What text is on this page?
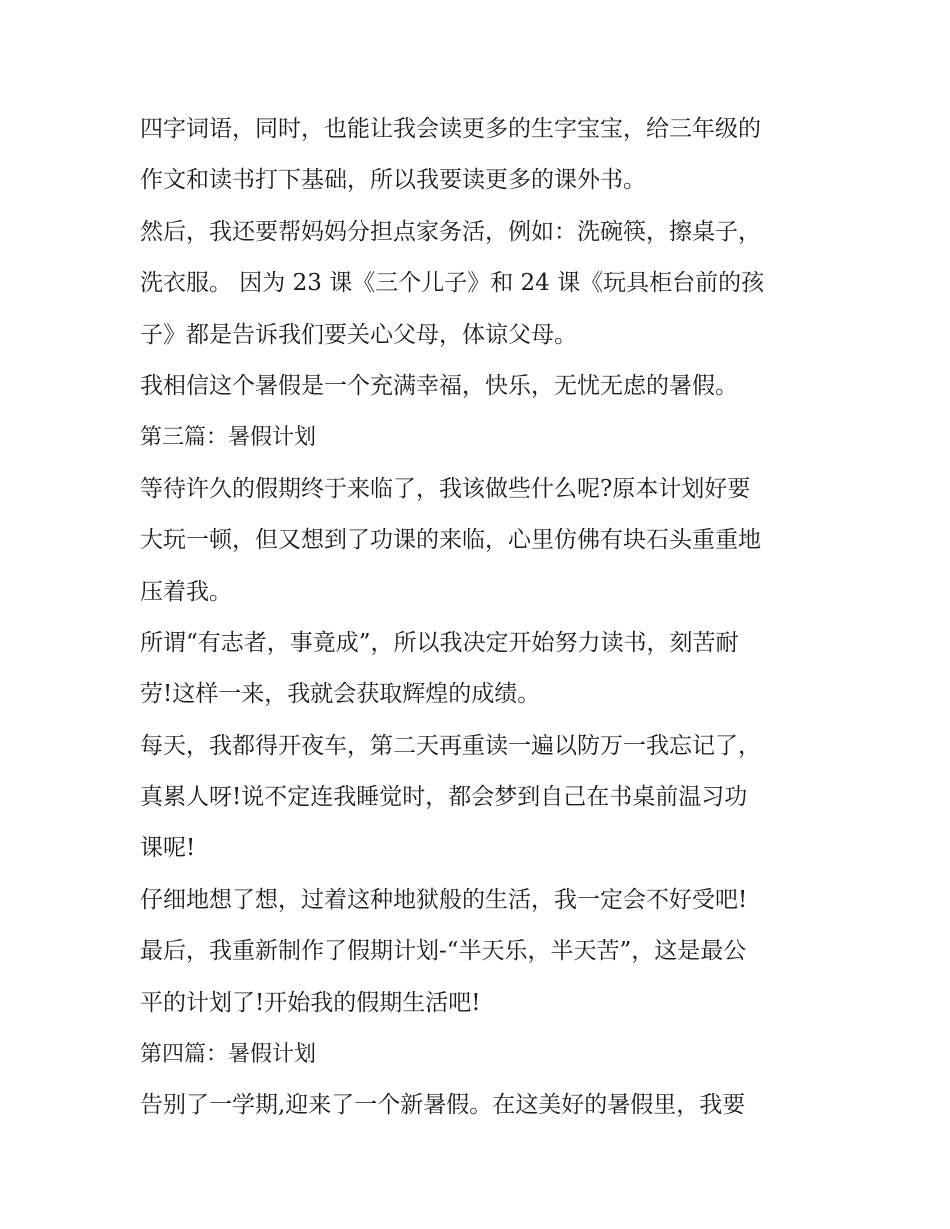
四字词语，同时，也能让我会读更多的生字宝宝，给三年级的
作文和读书打下基础，所以我要读更多的课外书。
然后，我还要帮妈妈分担点家务活，例如：洗碗筷，擦桌子，
洗衣服。 因为 23 课《三个儿子》和 24 课《玩具柜台前的孩
子》都是告诉我们要关心父母，体谅父母。
我相信这个暑假是一个充满幸福，快乐，无忧无虑的暑假。
第三篇：暑假计划
等待许久的假期终于来临了，我该做些什么呢?原本计划好要
大玩一顿，但又想到了功课的来临，心里仿佛有块石头重重地
压着我。
所谓“有志者，事竟成”，所以我决定开始努力读书，刻苦耐
劳!这样一来，我就会获取辉煌的成绩。
每天，我都得开夜车，第二天再重读一遍以防万一我忘记了，
真累人呀!说不定连我睡觉时，都会梦到自己在书桌前温习功
课呢!
仔细地想了想，过着这种地狱般的生活，我一定会不好受吧!
最后，我重新制作了假期计划-“半天乐，半天苦”，这是最公
平的计划了!开始我的假期生活吧!
第四篇：暑假计划
告别了一学期,迎来了一个新暑假。在这美好的暑假里，我要
